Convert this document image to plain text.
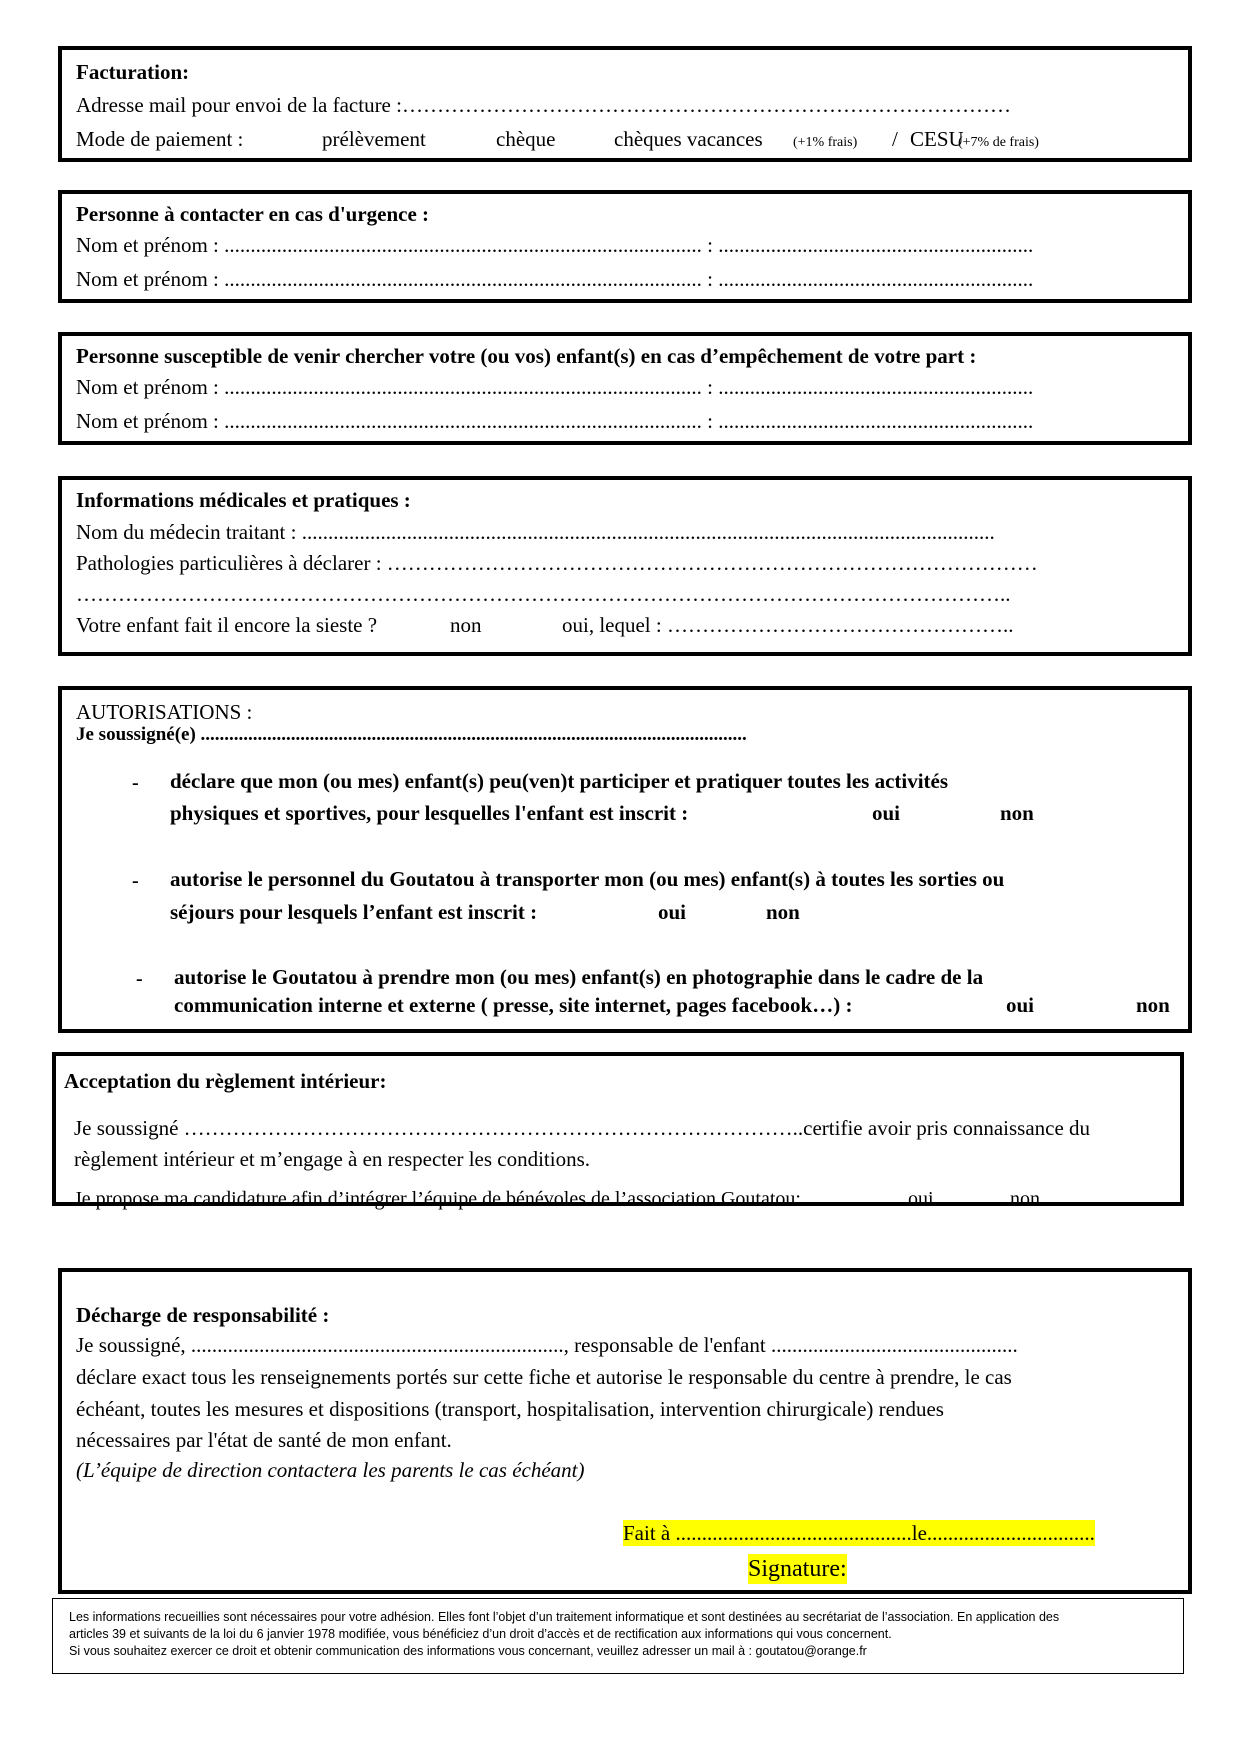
Facturation:
Adresse mail pour envoi de la facture :……………………………………………………………………………
Mode de paiement :	prélèvement	chèque	chèques vacances (+1% frais) / CESU
(+7% de frais)
Personne à contacter en cas d'urgence :
Nom et prénom : ........................................................................................... : ............................................................
Nom et prénom : ........................................................................................... : ............................................................
Personne susceptible de venir chercher votre (ou vos) enfant(s) en cas d’empêchement de votre part :
Nom et prénom : ........................................................................................... : ............................................................
Nom et prénom : ........................................................................................... : ............................................................
Informations médicales et pratiques :
Nom du médecin traitant : ....................................................................................................................................
Pathologies particulières à déclarer : …………………………………………………………………………………
……………………………………………………………………………………………………………………..
Votre enfant fait il encore la sieste ?	non	oui, lequel : …………………………………………..
AUTORISATIONS :
Je soussigné(e) ...................................................................................................................
- déclare que mon (ou mes) enfant(s) peu(ven)t participer et pratiquer toutes les activités
physiques et sportives, pour lesquelles l'enfant est inscrit :	oui	non
- autorise le personnel du Goutatou à transporter mon (ou mes) enfant(s) à toutes les sorties ou
séjours pour lesquels l’enfant est inscrit :	oui	non
- autorise le Goutatou à prendre mon (ou mes) enfant(s) en photographie dans le cadre de la
communication interne et externe ( presse, site internet, pages facebook…) :	oui	non
Acceptation du règlement intérieur:
Je soussigné ……………………………………………………………………………..certifie avoir pris connaissance du
règlement intérieur et m’engage à en respecter les conditions.
Je propose ma candidature afin d’intégrer l’équipe de bénévoles de l’association Goutatou:	oui	non
Décharge de responsabilité :
Je soussigné, ......................................................................., responsable de l'enfant ...............................................
déclare exact tous les renseignements portés sur cette fiche et autorise le responsable du centre à prendre, le cas
échéant, toutes les mesures et dispositions (transport, hospitalisation, intervention chirurgicale) rendues
nécessaires par l'état de santé de mon enfant.
(L’équipe de direction contactera les parents le cas échéant)
Fait à .............................................le................................
Signature:
Les informations recueillies sont nécessaires pour votre adhésion. Elles font l’objet d’un traitement informatique et sont destinées au secrétariat de l’association. En application des
articles 39 et suivants de la loi du 6 janvier 1978 modifiée, vous bénéficiez d’un droit d’accès et de rectification aux informations qui vous concernent.
Si vous souhaitez exercer ce droit et obtenir communication des informations vous concernant, veuillez adresser un mail à : goutatou@orange.fr
